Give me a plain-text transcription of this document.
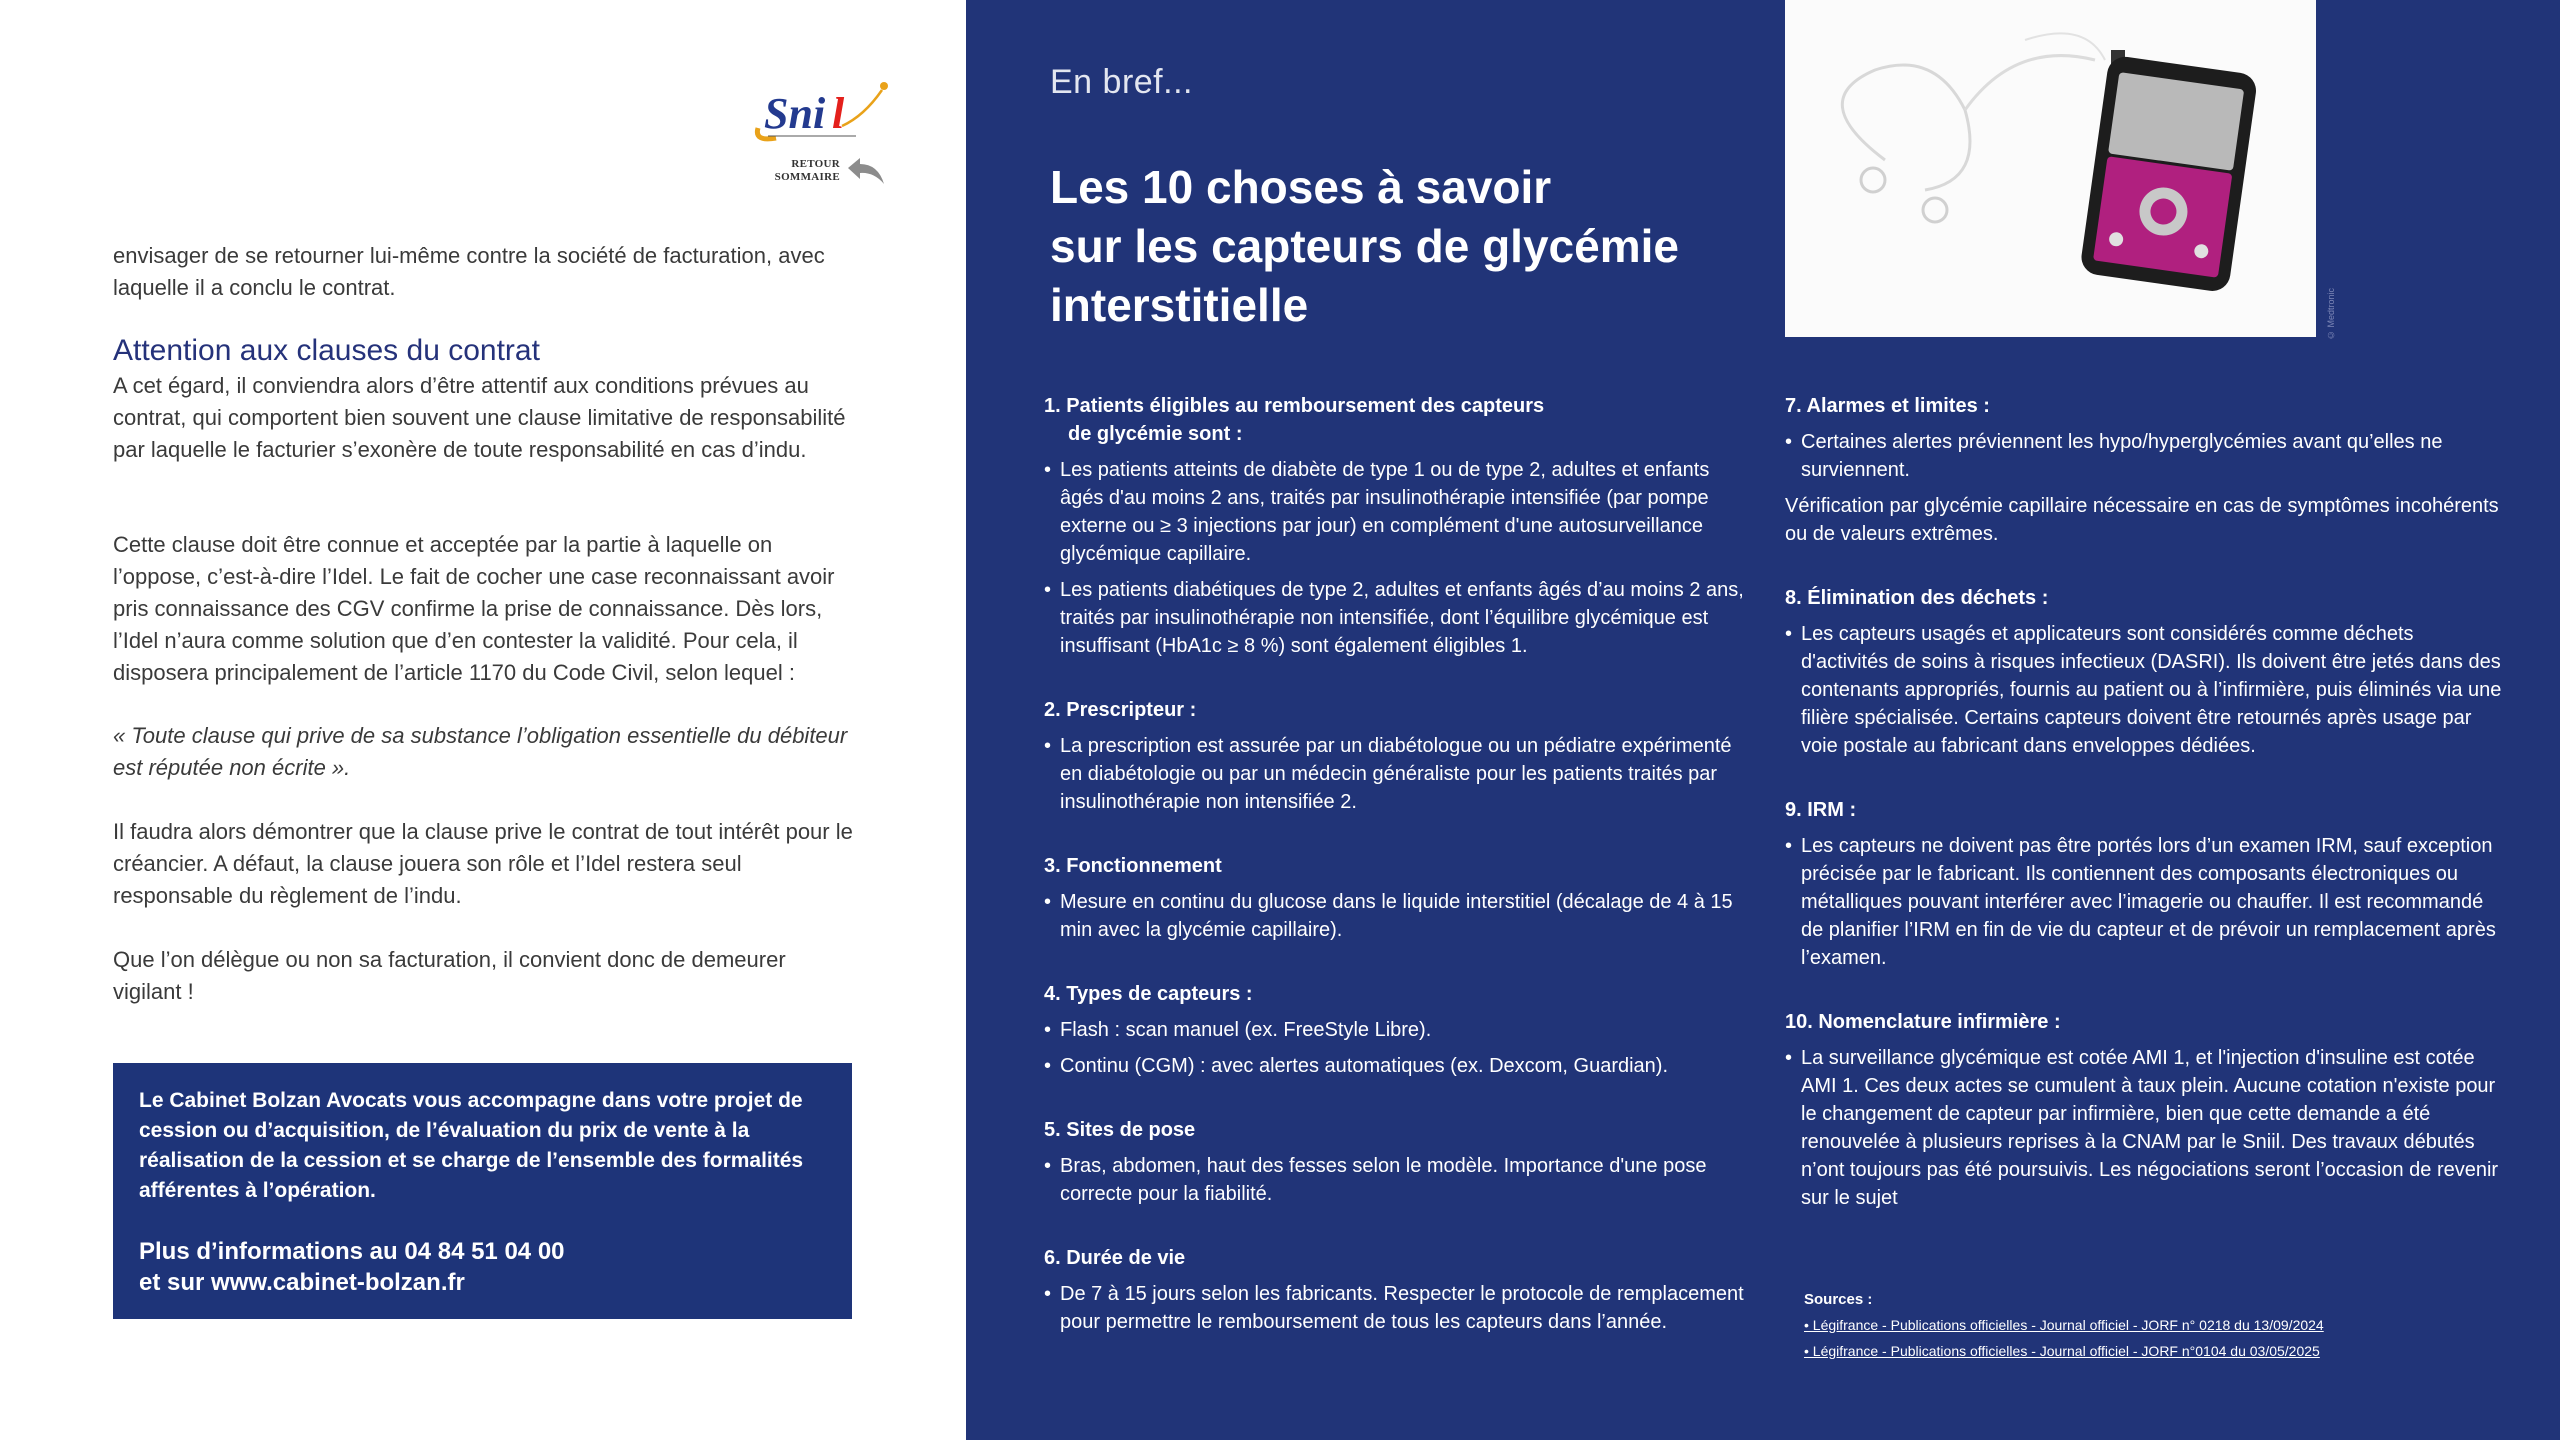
Sni l
RETOUR SOMMAIRE

envisager de se retourner lui-même contre la société de facturation, avec laquelle il a conclu le contrat.

Attention aux clauses du contrat

A cet égard, il conviendra alors d’être attentif aux conditions prévues au contrat, qui comportent bien souvent une clause limitative de responsabilité par laquelle le facturier s’exonère de toute responsabilité en cas d’indu.

Cette clause doit être connue et acceptée par la partie à laquelle on l’oppose, c’est-à-dire l’Idel. Le fait de cocher une case reconnaissant avoir pris connaissance des CGV confirme la prise de connaissance. Dès lors, l’Idel n’aura comme solution que d’en contester la validité. Pour cela, il disposera principalement de l’article 1170 du Code Civil, selon lequel :

« Toute clause qui prive de sa substance l’obligation essentielle du débiteur est réputée non écrite ».

Il faudra alors démontrer que la clause prive le contrat de tout intérêt pour le créancier. A défaut, la clause jouera son rôle et l’Idel restera seul responsable du règlement de l’indu.

Que l’on délègue ou non sa facturation, il convient donc de demeurer vigilant !

Le Cabinet Bolzan Avocats vous accompagne dans votre projet de cession ou d’acquisition, de l’évaluation du prix de vente à la réalisation de la cession et se charge de l’ensemble des formalités afférentes à l’opération.
Plus d’informations au 04 84 51 04 00
et sur www.cabinet-bolzan.fr
En bref...
Les 10 choses à savoir
sur les capteurs de glycémie
interstitielle	© Medtronic
1. Patients éligibles au remboursement des capteurs
de glycémie sont :
• Les patients atteints de diabète de type 1 ou de type 2, adultes et enfants âgés d'au moins 2 ans, traités par insulinothérapie intensifiée (par pompe externe ou ≥ 3 injections par jour) en complément d'une autosurveillance glycémique capillaire.
• Les patients diabétiques de type 2, adultes et enfants âgés d’au moins 2 ans, traités par insulinothérapie non intensifiée, dont l’équilibre glycémique est insuffisant (HbA1c ≥ 8 %) sont également éligibles 1.
2. Prescripteur :
• La prescription est assurée par un diabétologue ou un pédiatre expérimenté en diabétologie ou par un médecin généraliste pour les patients traités par insulinothérapie non intensifiée 2.
3. Fonctionnement
• Mesure en continu du glucose dans le liquide interstitiel (décalage de 4 à 15 min avec la glycémie capillaire).
4. Types de capteurs :
• Flash : scan manuel (ex. FreeStyle Libre).
• Continu (CGM) : avec alertes automatiques (ex. Dexcom, Guardian).
5. Sites de pose
• Bras, abdomen, haut des fesses selon le modèle. Importance d'une pose correcte pour la fiabilité.
6. Durée de vie
• De 7 à 15 jours selon les fabricants. Respecter le protocole de remplacement pour permettre le remboursement de tous les capteurs dans l’année.
7. Alarmes et limites :
• Certaines alertes préviennent les hypo/hyperglycémies avant qu’elles ne surviennent.
Vérification par glycémie capillaire nécessaire en cas de symptômes incohérents ou de valeurs extrêmes.
8. Élimination des déchets :
• Les capteurs usagés et applicateurs sont considérés comme déchets d'activités de soins à risques infectieux (DASRI). Ils doivent être jetés dans des contenants appropriés, fournis au patient ou à l’infirmière, puis éliminés via une filière spécialisée. Certains capteurs doivent être retournés après usage par voie postale au fabricant dans enveloppes dédiées.
9. IRM :
• Les capteurs ne doivent pas être portés lors d’un examen IRM, sauf exception précisée par le fabricant. Ils contiennent des composants électroniques ou métalliques pouvant interférer avec l’imagerie ou chauffer. Il est recommandé de planifier l’IRM en fin de vie du capteur et de prévoir un remplacement après l’examen.
10. Nomenclature infirmière :
• La surveillance glycémique est cotée AMI 1, et l'injection d'insuline est cotée AMI 1. Ces deux actes se cumulent à taux plein. Aucune cotation n'existe pour le changement de capteur par infirmière, bien que cette demande a été renouvelée à plusieurs reprises à la CNAM par le Sniil. Des travaux débutés n’ont toujours pas été poursuivis. Les négociations seront l’occasion de revenir sur le sujet
Sources :
• Légifrance - Publications officielles - Journal officiel - JORF n° 0218 du 13/09/2024
• Légifrance - Publications officielles - Journal officiel - JORF n°0104 du 03/05/2025
